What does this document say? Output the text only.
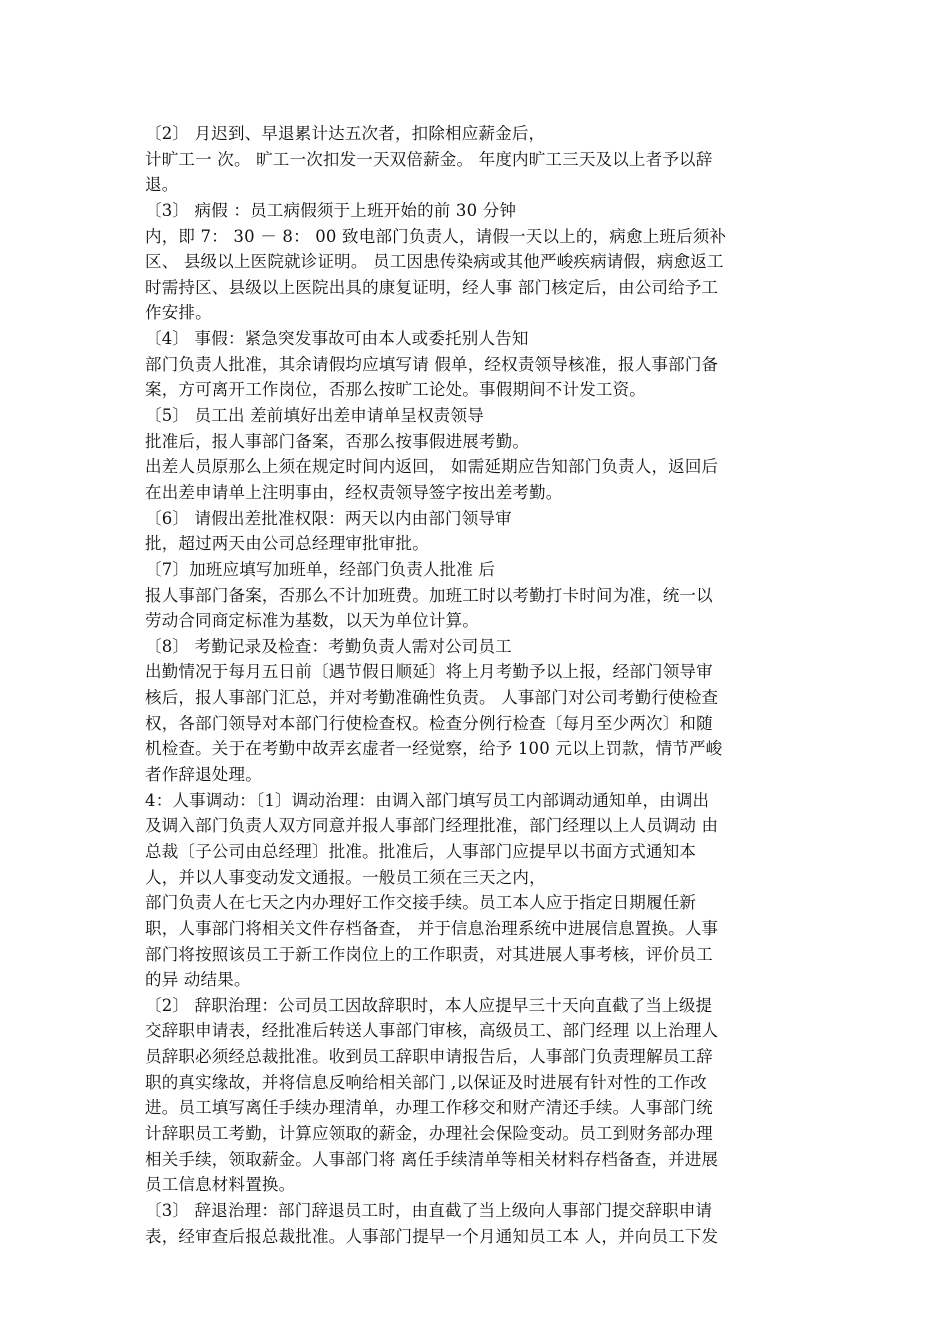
〔2〕 月迟到、早退累计达五次者，扣除相应薪金后，
计旷工一 次。 旷工一次扣发一天双倍薪金。 年度内旷工三天及以上者予以辞
退。
〔3〕 病假 ：员工病假须于上班开始的前 30 分钟
内，即 7： 30 － 8： 00 致电部门负责人，请假一天以上的，病愈上班后须补
区、 县级以上医院就诊证明。 员工因患传染病或其他严峻疾病请假，病愈返工
时需持区、县级以上医院出具的康复证明，经人事 部门核定后，由公司给予工
作安排。
〔4〕 事假：紧急突发事故可由本人或委托别人告知
部门负责人批准，其余请假均应填写请 假单，经权责领导核准，报人事部门备
案，方可离开工作岗位，否那么按旷工论处。事假期间不计发工资。
〔5〕 员工出 差前填好出差申请单呈权责领导
批准后，报人事部门备案，否那么按事假进展考勤。
出差人员原那么上须在规定时间内返回， 如需延期应告知部门负责人，返回后
在出差申请单上注明事由，经权责领导签字按出差考勤。
〔6〕 请假出差批准权限：两天以内由部门领导审
批，超过两天由公司总经理审批审批。
〔7〕加班应填写加班单，经部门负责人批准 后
报人事部门备案，否那么不计加班费。加班工时以考勤打卡时间为准，统一以
劳动合同商定标准为基数，以天为单位计算。
〔8〕 考勤记录及检查：考勤负责人需对公司员工
出勤情况于每月五日前〔遇节假日顺延〕将上月考勤予以上报，经部门领导审
核后，报人事部门汇总，并对考勤准确性负责。 人事部门对公司考勤行使检查
权，各部门领导对本部门行使检查权。检查分例行检查〔每月至少两次〕和随
机检查。关于在考勤中故弄玄虚者一经觉察，给予 100 元以上罚款，情节严峻
者作辞退处理。
4：人事调动：〔1〕调动治理：由调入部门填写员工内部调动通知单，由调出
及调入部门负责人双方同意并报人事部门经理批准，部门经理以上人员调动 由
总裁〔子公司由总经理〕批准。批准后，人事部门应提早以书面方式通知本
人，并以人事变动发文通报。一般员工须在三天之内，
部门负责人在七天之内办理好工作交接手续。员工本人应于指定日期履任新
职，人事部门将相关文件存档备查， 并于信息治理系统中进展信息置换。人事
部门将按照该员工于新工作岗位上的工作职责，对其进展人事考核，评价员工
的异 动结果。
〔2〕 辞职治理：公司员工因故辞职时，本人应提早三十天向直截了当上级提
交辞职申请表，经批准后转送人事部门审核，高级员工、部门经理 以上治理人
员辞职必须经总裁批准。收到员工辞职申请报告后，人事部门负责理解员工辞
职的真实缘故，并将信息反响给相关部门 ,以保证及时进展有针对性的工作改
进。员工填写离任手续办理清单，办理工作移交和财产清还手续。人事部门统
计辞职员工考勤，计算应领取的薪金，办理社会保险变动。员工到财务部办理
相关手续，领取薪金。人事部门将 离任手续清单等相关材料存档备查，并进展
员工信息材料置换。
〔3〕 辞退治理：部门辞退员工时，由直截了当上级向人事部门提交辞职申请
表，经审查后报总裁批准。人事部门提早一个月通知员工本 人，并向员工下发
